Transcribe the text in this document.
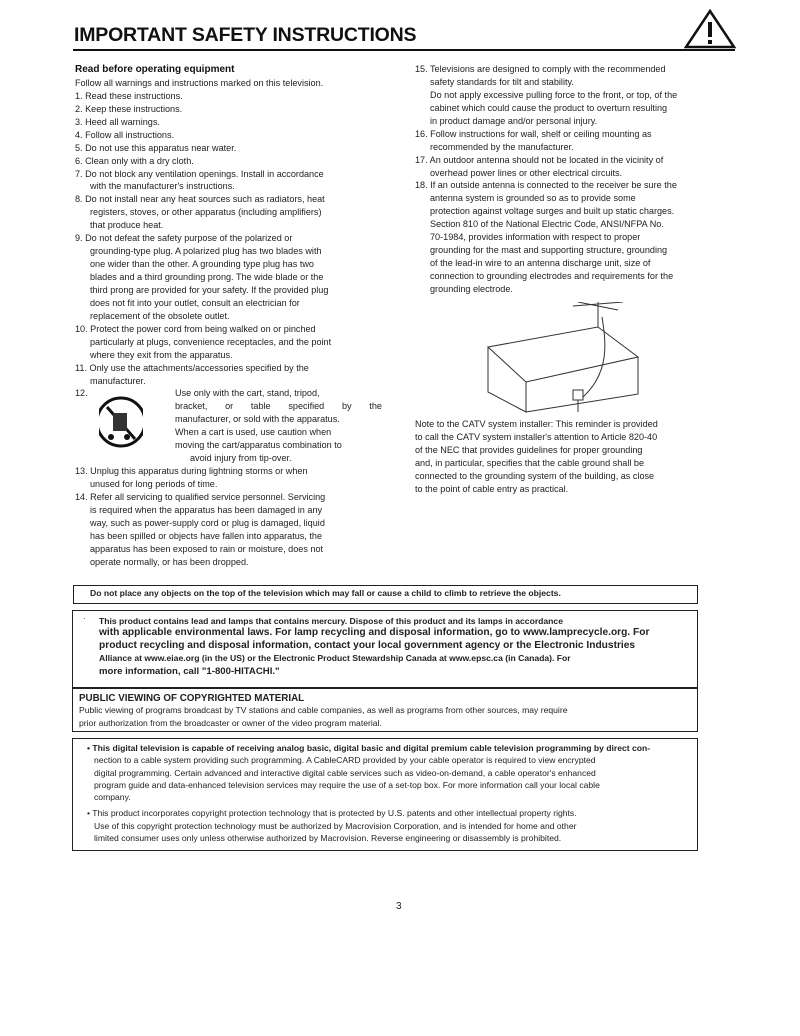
IMPORTANT SAFETY INSTRUCTIONS
Read before operating equipment
Follow all warnings and instructions marked on this television.
1. Read these instructions.
2. Keep these instructions.
3. Heed all warnings.
4. Follow all instructions.
5. Do not use this apparatus near water.
6. Clean only with a dry cloth.
7. Do not block any ventilation openings. Install in accordance
with the manufacturer's instructions.
8. Do not install near any heat sources such as radiators, heat
registers, stoves, or other apparatus (including amplifiers)
that produce heat.
9. Do not defeat the safety purpose of the polarized or
grounding-type plug. A polarized plug has two blades with
one wider than the other. A grounding type plug has two
blades and a third grounding prong. The wide blade or the
third prong are provided for your safety. If the provided plug
does not fit into your outlet, consult an electrician for
replacement of the obsolete outlet.
10. Protect the power cord from being walked on or pinched
particularly at plugs, convenience receptacles, and the point
where they exit from the apparatus.
11. Only use the attachments/accessories specified by the
manufacturer.
12.	Use only with the cart, stand, tripod,
bracket, or table specified by the
manufacturer, or sold with the apparatus.
When a cart is used, use caution when
moving the cart/apparatus combination to
avoid injury from tip-over.
13. Unplug this apparatus during lightning storms or when
unused for long periods of time.
14. Refer all servicing to qualified service personnel. Servicing
is required when the apparatus has been damaged in any
way, such as power-supply cord or plug is damaged, liquid
has been spilled or objects have fallen into apparatus, the
apparatus has been exposed to rain or moisture, does not
operate normally, or has been dropped.
15. Televisions are designed to comply with the recommended
safety standards for tilt and stability.
Do not apply excessive pulling force to the front, or top, of the
cabinet which could cause the product to overturn resulting
in product damage and/or personal injury.
16. Follow instructions for wall, shelf or ceiling mounting as
recommended by the manufacturer.
17. An outdoor antenna should not be located in the vicinity of
overhead power lines or other electrical circuits.
18. If an outside antenna is connected to the receiver be sure the
antenna system is grounded so as to provide some
protection against voltage surges and built up static charges.
Section 810 of the National Electric Code, ANSI/NFPA No.
70-1984, provides information with respect to proper
grounding for the mast and supporting structure, grounding
of the lead-in wire to an antenna discharge unit, size of
connection to grounding electrodes and requirements for the
grounding electrode.
Note to the CATV system installer: This reminder is provided
to call the CATV system installer's attention to Article 820-40
of the NEC that provides guidelines for proper grounding
and, in particular, specifies that the cable ground shall be
connected to the grounding system of the building, as close
to the point of cable entry as practical.
Do not place any objects on the top of the television which may fall or cause a child to climb to retrieve the objects.
· This product contains lead and lamps that contains mercury. Dispose of this product and its lamps in accordance
with applicable environmental laws. For lamp recycling and disposal information, go to www.lamprecycle.org. For
product recycling and disposal information, contact your local government agency or the Electronic Industries
Alliance at www.eiae.org (in the US) or the Electronic Product Stewardship Canada at www.epsc.ca (in Canada). For
more information, call "1-800-HITACHI."
PUBLIC VIEWING OF COPYRIGHTED MATERIAL
Public viewing of programs broadcast by TV stations and cable companies, as well as programs from other sources, may require
prior authorization from the broadcaster or owner of the video program material.
• This digital television is capable of receiving analog basic, digital basic and digital premium cable television programming by direct con-
nection to a cable system providing such programming. A CableCARD provided by your cable operator is required to view encrypted
digital programming. Certain advanced and interactive digital cable services such as video-on-demand, a cable operator's enhanced
program guide and data-enhanced television services may require the use of a set-top box. For more information call your local cable
company.
• This product incorporates copyright protection technology that is protected by U.S. patents and other intellectual property rights.
Use of this copyright protection technology must be authorized by Macrovision Corporation, and is intended for home and other
limited consumer uses only unless otherwise authorized by Macrovision. Reverse engineering or disassembly is prohibited.
3
